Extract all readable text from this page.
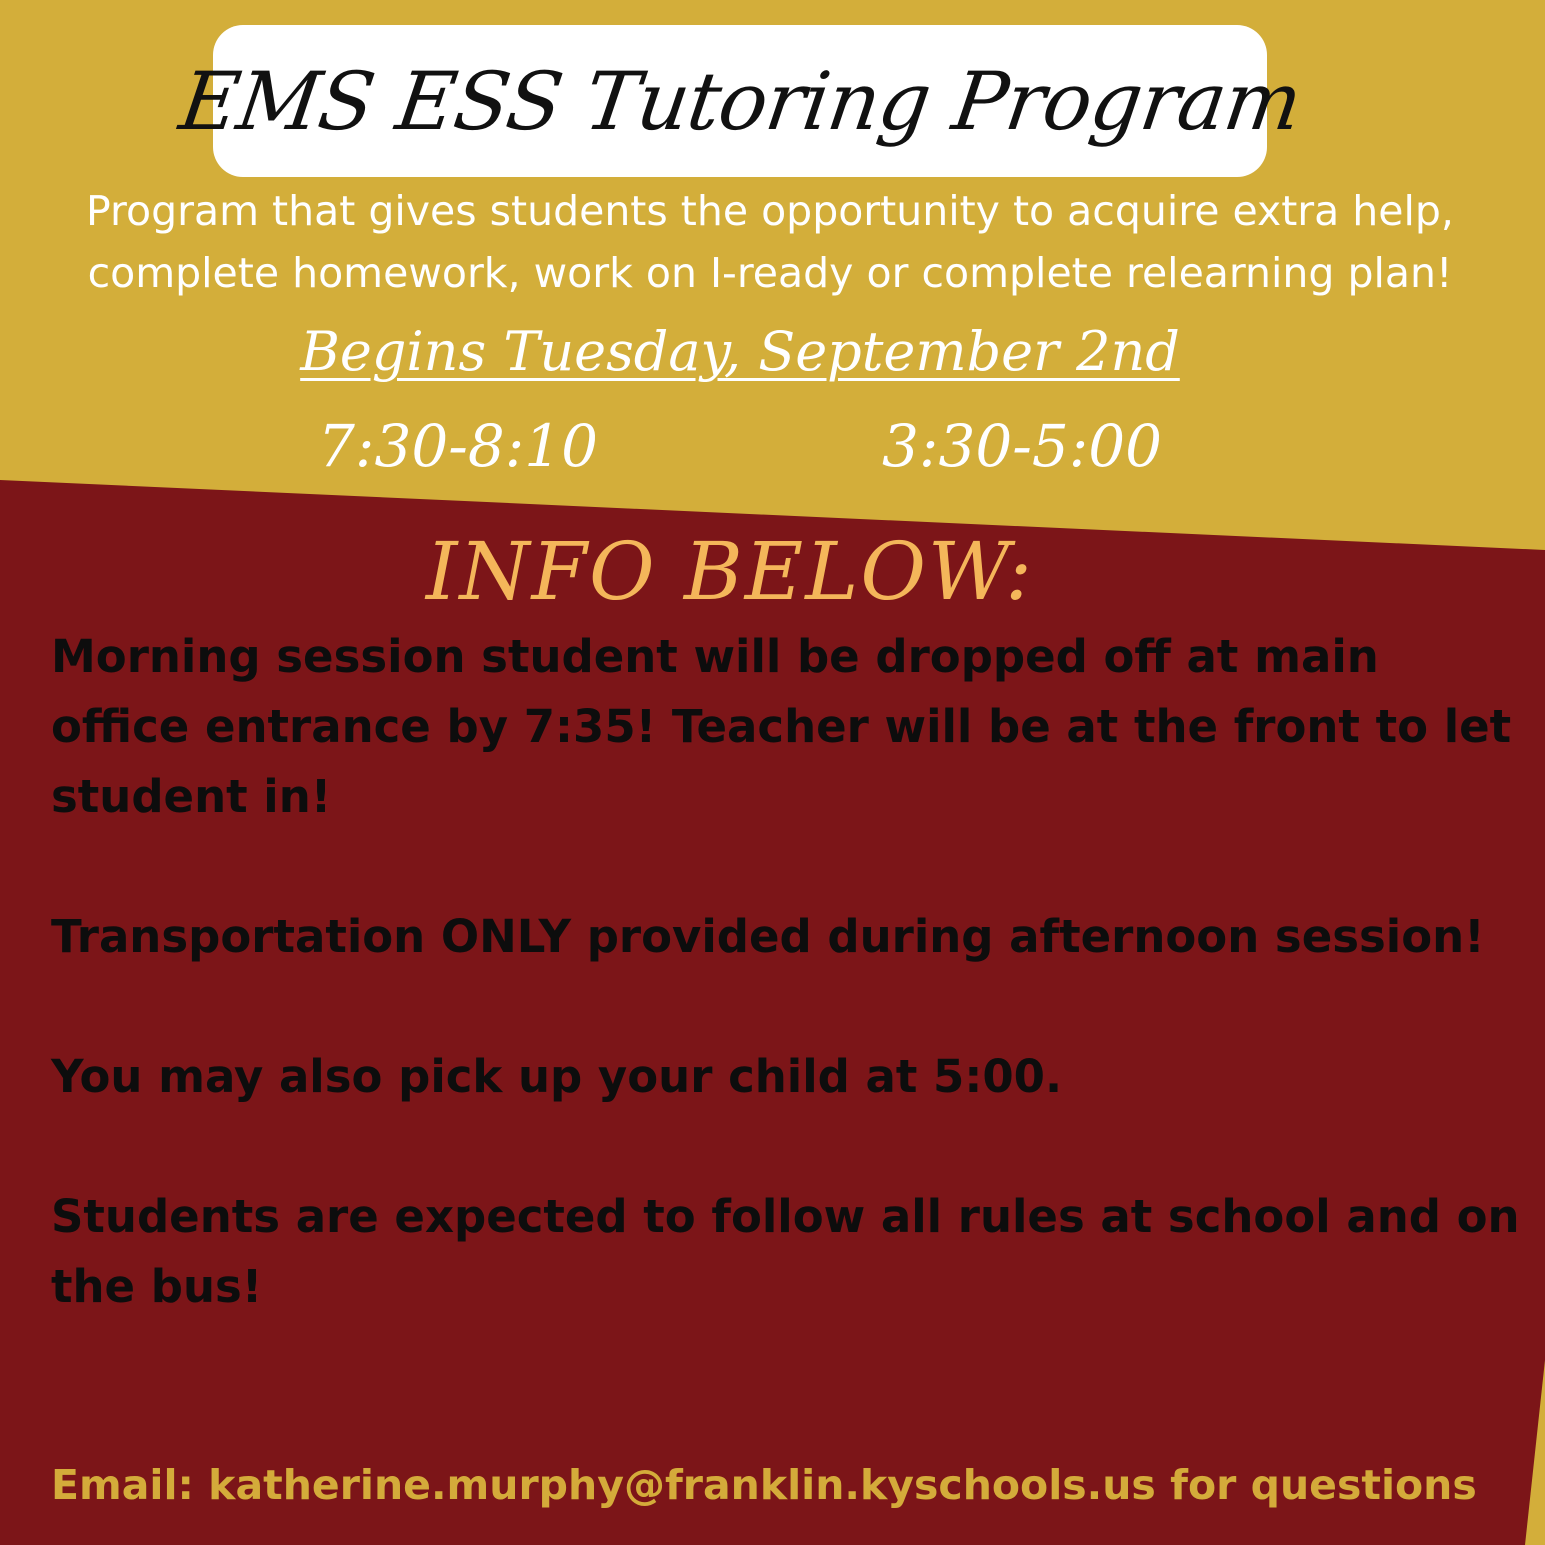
EMS ESS Tutoring Program
Program that gives students the opportunity to acquire extra help,
complete homework, work on I-ready or complete relearning plan!
Begins Tuesday, September 2nd
7:30-8:10	3:30-5:00
INFO BELOW:

Morning session student will be dropped off at main office entrance by 7:35! Teacher will be at the front to let student in!

Transportation ONLY provided during afternoon session!

You may also pick up your child at 5:00.

Students are expected to follow all rules at school and on the bus!

Email: katherine.murphy@franklin.kyschools.us for questions
